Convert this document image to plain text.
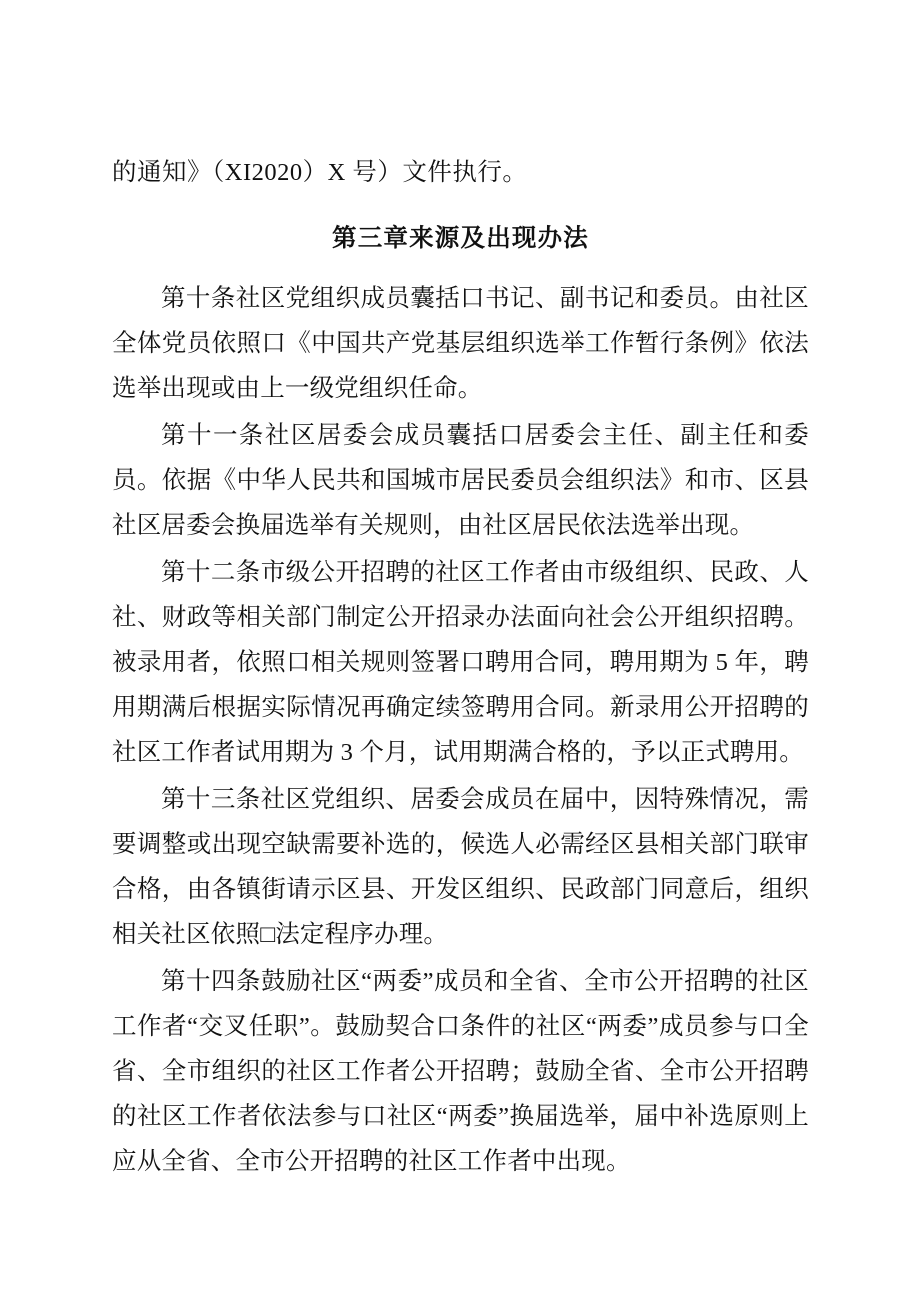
的通知》（XI2020）X 号）文件执行。

第三章来源及出现办法

第十条社区党组织成员囊括口书记、副书记和委员。由社区全体党员依照口《中国共产党基层组织选举工作暂行条例》依法选举出现或由上一级党组织任命。

第十一条社区居委会成员囊括口居委会主任、副主任和委员。依据《中华人民共和国城市居民委员会组织法》和市、区县社区居委会换届选举有关规则，由社区居民依法选举出现。

第十二条市级公开招聘的社区工作者由市级组织、民政、人社、财政等相关部门制定公开招录办法面向社会公开组织招聘。被录用者，依照口相关规则签署口聘用合同，聘用期为 5 年，聘用期满后根据实际情况再确定续签聘用合同。新录用公开招聘的社区工作者试用期为 3 个月，试用期满合格的，予以正式聘用。

第十三条社区党组织、居委会成员在届中，因特殊情况，需要调整或出现空缺需要补选的，候选人必需经区县相关部门联审合格，由各镇街请示区县、开发区组织、民政部门同意后，组织相关社区依照□法定程序办理。

第十四条鼓励社区“两委”成员和全省、全市公开招聘的社区工作者“交叉任职”。鼓励契合口条件的社区“两委”成员参与口全省、全市组织的社区工作者公开招聘；鼓励全省、全市公开招聘的社区工作者依法参与口社区“两委”换届选举，届中补选原则上应从全省、全市公开招聘的社区工作者中出现。
